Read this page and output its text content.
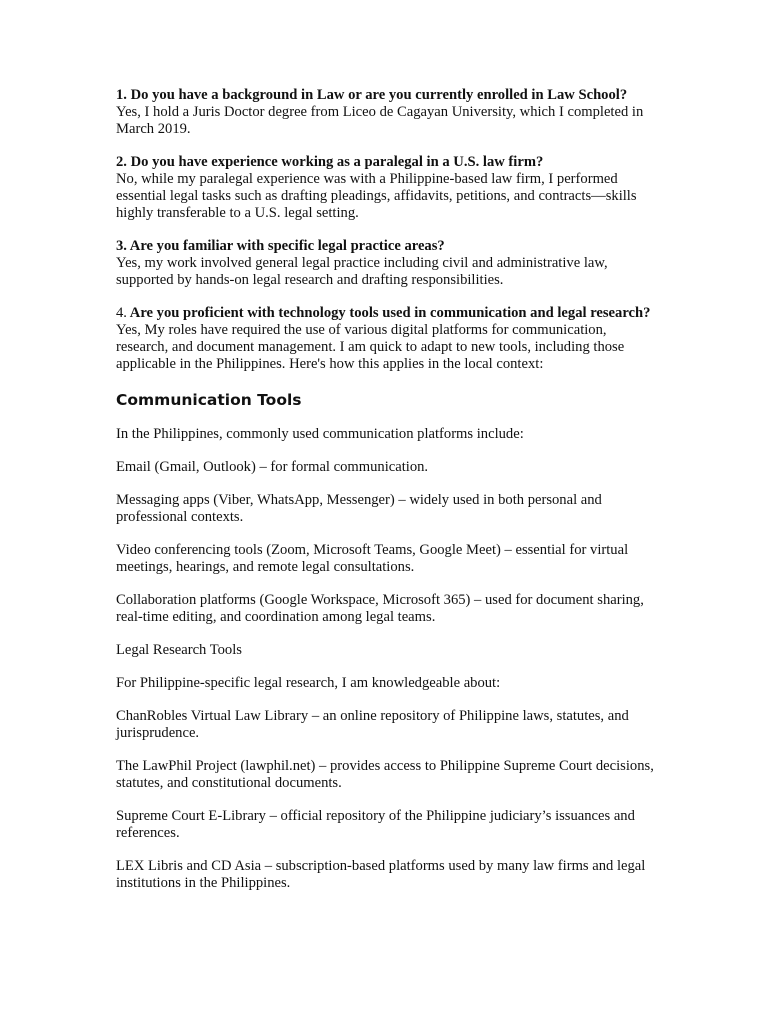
1. Do you have a background in Law or are you currently enrolled in Law School?

Yes, I hold a Juris Doctor degree from Liceo de Cagayan University, which I completed in March 2019.

2. Do you have experience working as a paralegal in a U.S. law firm?

No, while my paralegal experience was with a Philippine-based law firm, I performed essential legal tasks such as drafting pleadings, affidavits, petitions, and contracts—skills highly transferable to a U.S. legal setting.

3. Are you familiar with specific legal practice areas?

Yes, my work involved general legal practice including civil and administrative law, supported by hands-on legal research and drafting responsibilities.

4. Are you proficient with technology tools used in communication and legal research?

Yes, My roles have required the use of various digital platforms for communication, research, and document management. I am quick to adapt to new tools, including those applicable in the Philippines. Here's how this applies in the local context:

Communication Tools

In the Philippines, commonly used communication platforms include:

Email (Gmail, Outlook) – for formal communication.

Messaging apps (Viber, WhatsApp, Messenger) – widely used in both personal and professional contexts.

Video conferencing tools (Zoom, Microsoft Teams, Google Meet) – essential for virtual meetings, hearings, and remote legal consultations.

Collaboration platforms (Google Workspace, Microsoft 365) – used for document sharing, real-time editing, and coordination among legal teams.

Legal Research Tools

For Philippine-specific legal research, I am knowledgeable about:

ChanRobles Virtual Law Library – an online repository of Philippine laws, statutes, and jurisprudence.

The LawPhil Project (lawphil.net) – provides access to Philippine Supreme Court decisions, statutes, and constitutional documents.

Supreme Court E-Library – official repository of the Philippine judiciary’s issuances and references.

LEX Libris and CD Asia – subscription-based platforms used by many law firms and legal institutions in the Philippines.
